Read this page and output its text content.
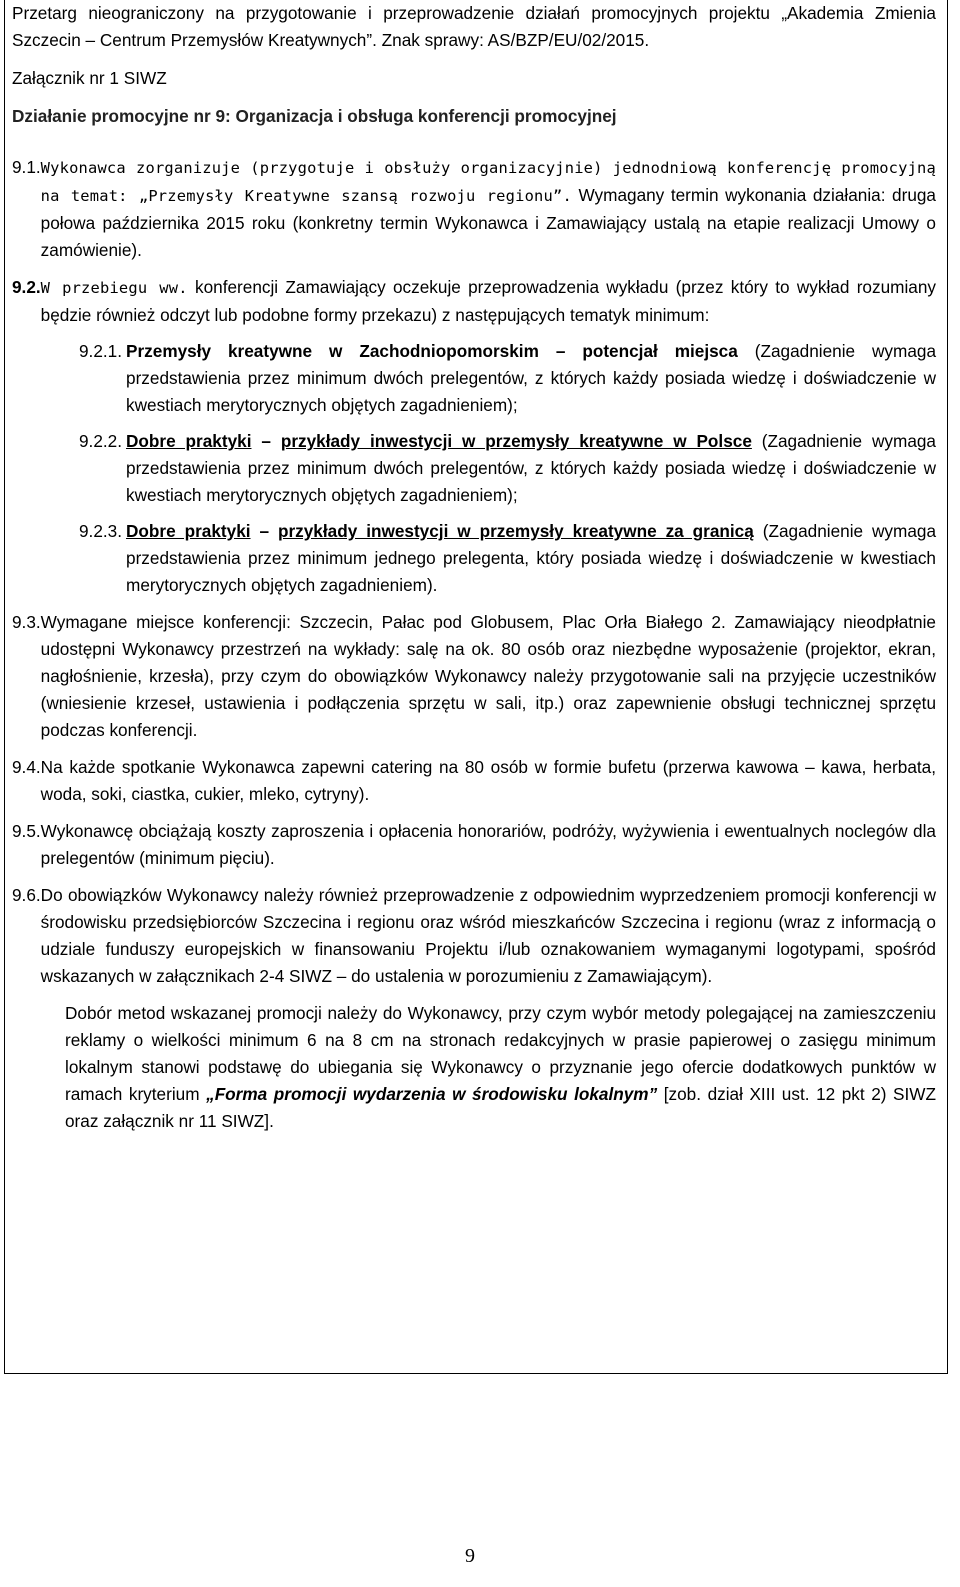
Przetarg nieograniczony na przygotowanie i przeprowadzenie działań promocyjnych projektu „Akademia Zmienia Szczecin – Centrum Przemysłów Kreatywnych”. Znak sprawy: AS/BZP/EU/02/2015.

Załącznik nr 1 SIWZ

Działanie promocyjne nr 9: Organizacja i obsługa konferencji promocyjnej

9.1. Wykonawca zorganizuje (przygotuje i obsłuży organizacyjnie) jednodniową konferencję promocyjną na temat: „Przemysły Kreatywne szansą rozwoju regionu”. Wymagany termin wykonania działania: druga połowa października 2015 roku (konkretny termin Wykonawca i Zamawiający ustalą na etapie realizacji Umowy o zamówienie).
9.2. W przebiegu ww. konferencji Zamawiający oczekuje przeprowadzenia wykładu (przez który to wykład rozumiany będzie również odczyt lub podobne formy przekazu) z następujących tematyk minimum:
9.2.1. Przemysły kreatywne w Zachodniopomorskim – potencjał miejsca (Zagadnienie wymaga przedstawienia przez minimum dwóch prelegentów, z których każdy posiada wiedzę i doświadczenie w kwestiach merytorycznych objętych zagadnieniem);
9.2.2. Dobre praktyki – przykłady inwestycji w przemysły kreatywne w Polsce (Zagadnienie wymaga przedstawienia przez minimum dwóch prelegentów, z których każdy posiada wiedzę i doświadczenie w kwestiach merytorycznych objętych zagadnieniem);
9.2.3. Dobre praktyki – przykłady inwestycji w przemysły kreatywne za granicą (Zagadnienie wymaga przedstawienia przez minimum jednego prelegenta, który posiada wiedzę i doświadczenie w kwestiach merytorycznych objętych zagadnieniem).
9.3. Wymagane miejsce konferencji: Szczecin, Pałac pod Globusem, Plac Orła Białego 2. Zamawiający nieodpłatnie udostępni Wykonawcy przestrzeń na wykłady: salę na ok. 80 osób oraz niezbędne wyposażenie (projektor, ekran, nagłośnienie, krzesła), przy czym do obowiązków Wykonawcy należy przygotowanie sali na przyjęcie uczestników (wniesienie krzeseł, ustawienia i podłączenia sprzętu w sali, itp.) oraz zapewnienie obsługi technicznej sprzętu podczas konferencji.
9.4. Na każde spotkanie Wykonawca zapewni catering na 80 osób w formie bufetu (przerwa kawowa – kawa, herbata, woda, soki, ciastka, cukier, mleko, cytryny).
9.5. Wykonawcę obciążają koszty zaproszenia i opłacenia honorariów, podróży, wyżywienia i ewentualnych noclegów dla prelegentów (minimum pięciu).
9.6. Do obowiązków Wykonawcy należy również przeprowadzenie z odpowiednim wyprzedzeniem promocji konferencji w środowisku przedsiębiorców Szczecina i regionu oraz wśród mieszkańców Szczecina i regionu (wraz z informacją o udziale funduszy europejskich w finansowaniu Projektu i/lub oznakowaniem wymaganymi logotypami, spośród wskazanych w załącznikach 2-4 SIWZ – do ustalenia w porozumieniu z Zamawiającym).

Dobór metod wskazanej promocji należy do Wykonawcy, przy czym wybór metody polegającej na zamieszczeniu reklamy o wielkości minimum 6 na 8 cm na stronach redakcyjnych w prasie papierowej o zasięgu minimum lokalnym stanowi podstawę do ubiegania się Wykonawcy o przyznanie jego ofercie dodatkowych punktów w ramach kryterium „Forma promocji wydarzenia w środowisku lokalnym” [zob. dział XIII ust. 12 pkt 2) SIWZ oraz załącznik nr 11 SIWZ].

9
